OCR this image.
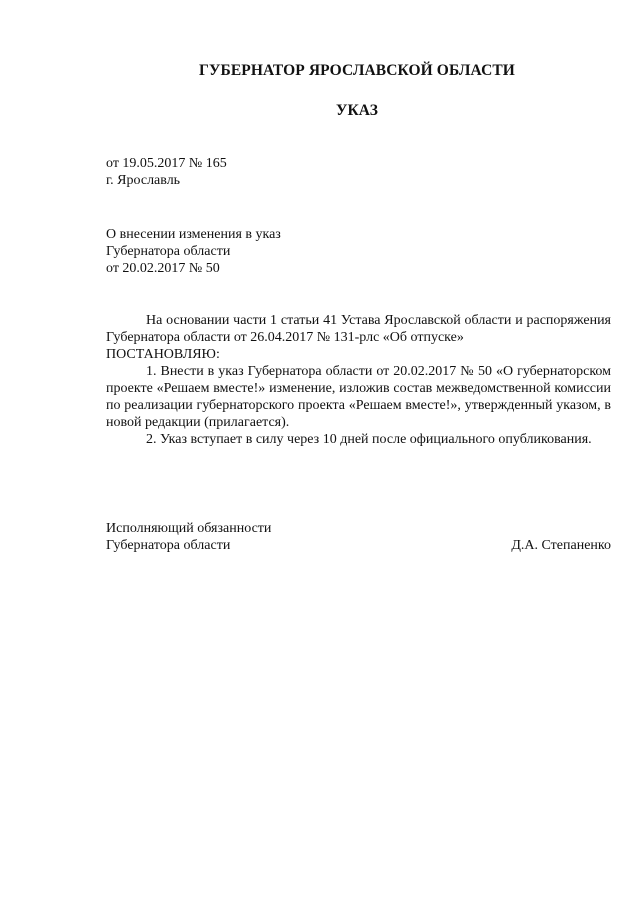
ГУБЕРНАТОР ЯРОСЛАВСКОЙ ОБЛАСТИ
УКАЗ
от 19.05.2017 № 165
г. Ярославль
О внесении изменения в указ
Губернатора области
от 20.02.2017 № 50

На основании части 1 статьи 41 Устава Ярославской области и распоряжения Губернатора области от 26.04.2017 № 131-рлс «Об отпуске»

ПОСТАНОВЛЯЮ:

1. Внести в указ Губернатора области от 20.02.2017 № 50 «О губернаторском проекте «Решаем вместе!» изменение, изложив состав межведомственной комиссии по реализации губернаторского проекта «Решаем вместе!», утвержденный указом, в новой редакции (прилагается).

2. Указ вступает в силу через 10 дней после официального опубликования.

Исполняющий обязанности
Губернатора области	Д.А. Степаненко
